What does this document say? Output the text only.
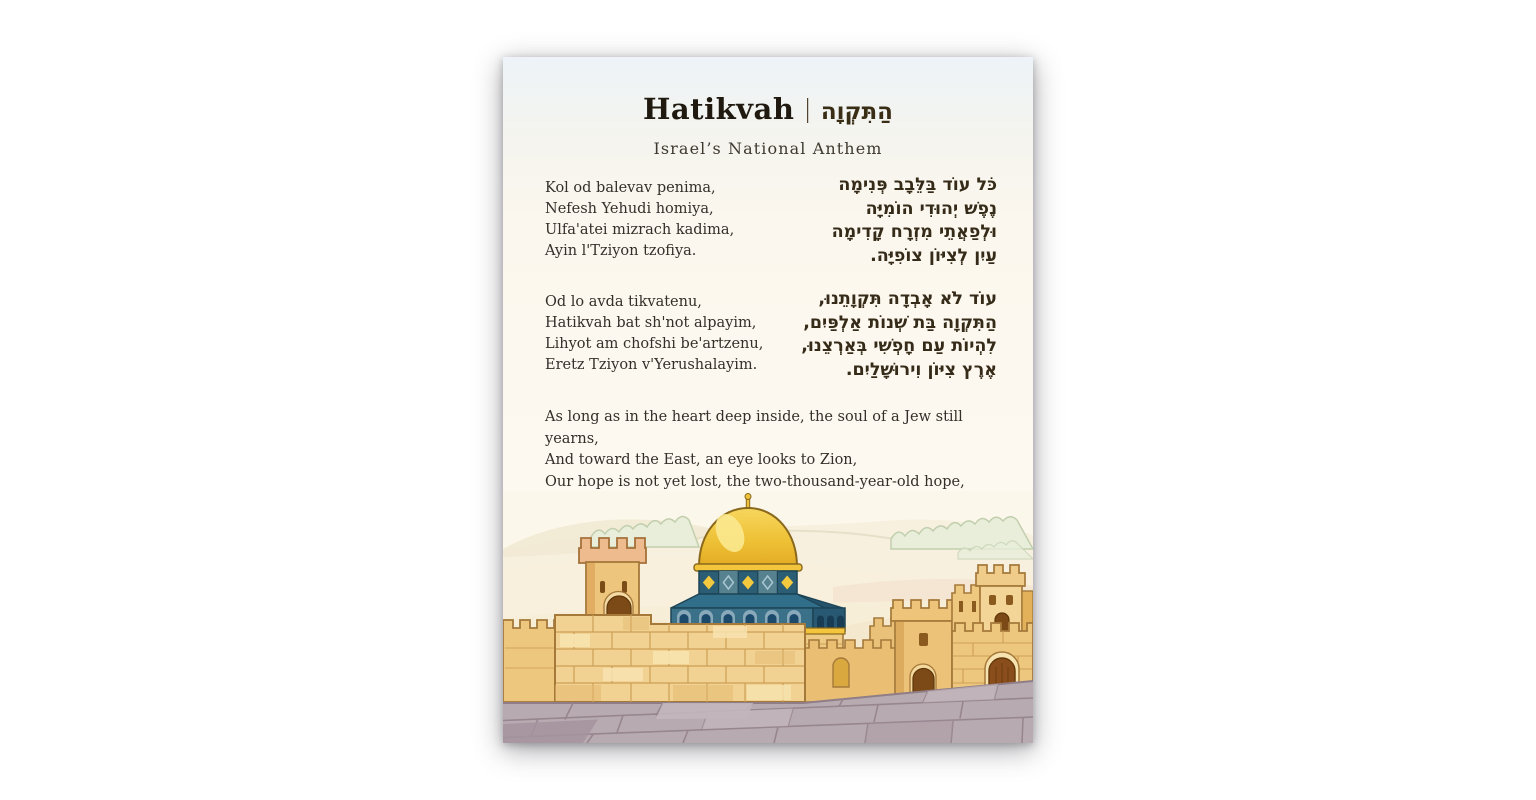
Hatikvah | הַתִּקְוָה
Israel’s National Anthem
Kol od balevav penima,
Nefesh Yehudi homiya,
Ulfa'atei mizrach kadima,
Ayin l'Tziyon tzofiya.
כֹּל עוֹד בַּלֵּבָב פְּנִימָה
נֶפֶשׁ יְהוּדִי הוֹמִיָּה
וּלְפַאֲתֵי מִזְרָח קָדִימָה
עַיִן לְצִיּוֹן צוֹפִיָּה.
Od lo avda tikvatenu,
Hatikvah bat sh'not alpayim,
Lihyot am chofshi be'artzenu,
Eretz Tziyon v'Yerushalayim.
עוֹד לֹא אָבְדָה תִּקְוָתֵנוּ,
הַתִּקְוָה בַּת שְׁנוֹת אַלְפַּיִם,
לִהְיוֹת עַם חָפְשִׁי בְּאַרְצֵנוּ,
אֶרֶץ צִיּוֹן וִירוּשָׁלַיִם.
As long as in the heart deep inside, the soul of a Jew still yearns,
And toward the East, an eye looks to Zion,
Our hope is not yet lost, the two-thousand-year-old hope,
